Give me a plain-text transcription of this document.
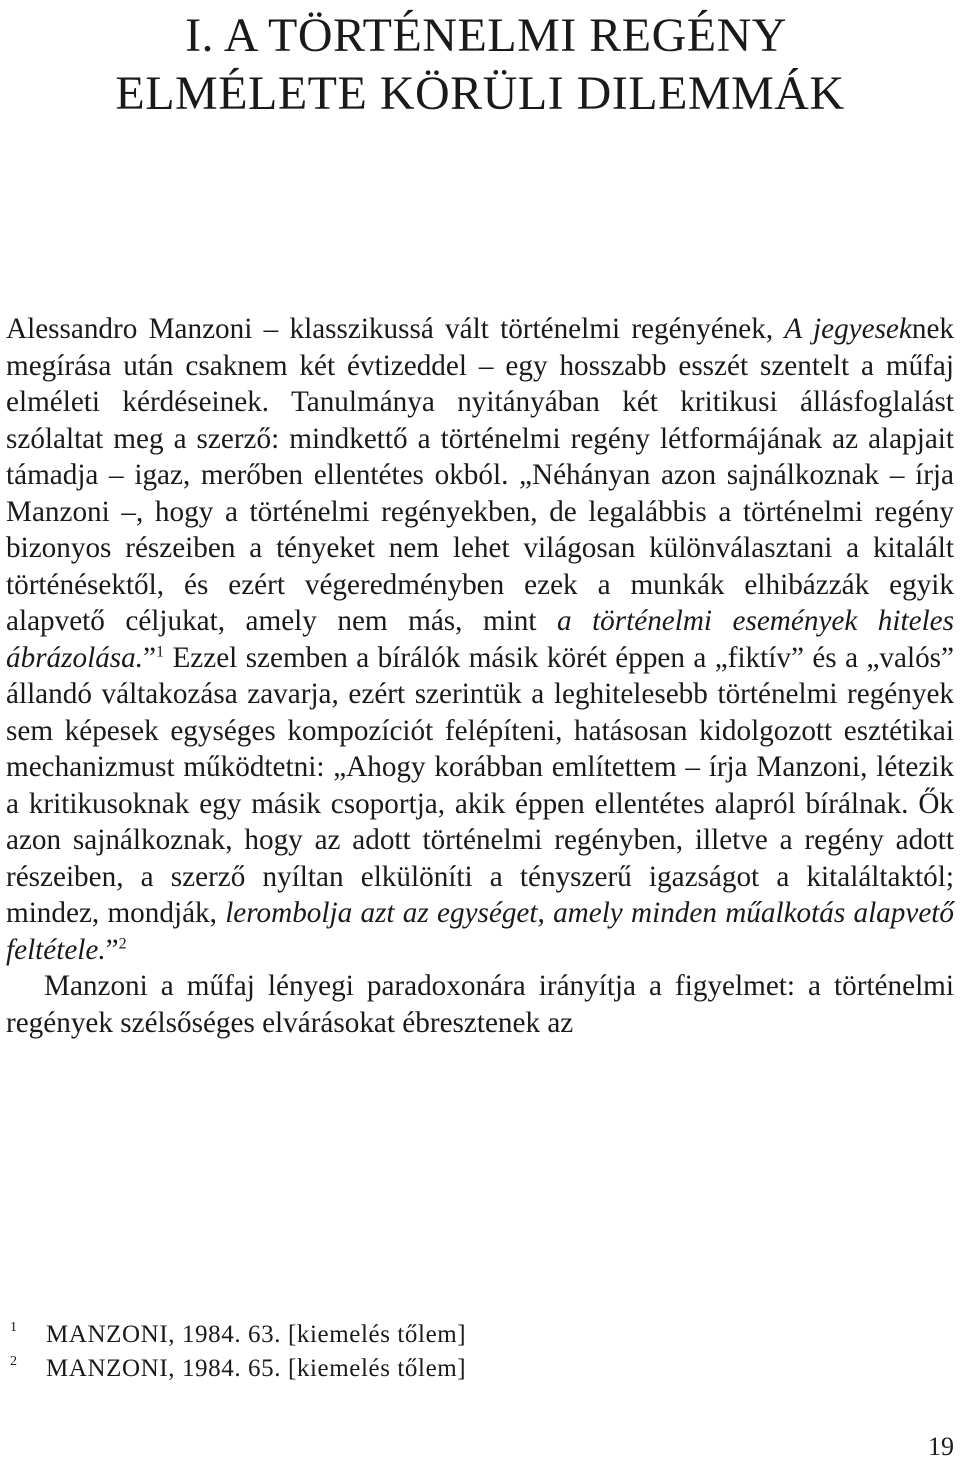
I. A TÖRTÉNELMI REGÉNY
ELMÉLETE KÖRÜLI DILEMMÁK

Alessandro Manzoni – klasszikussá vált történelmi regényének, A jegyeseknek megírása után csaknem két évtizeddel – egy hosszabb esszét szentelt a műfaj elméleti kérdéseinek. Tanulmánya nyitányában két kritikusi állásfoglalást szólaltat meg a szerző: mindkettő a történelmi regény létformájának az alapjait támadja – igaz, merőben ellentétes okból. „Néhányan azon sajnálkoznak – írja Manzoni –, hogy a történelmi regényekben, de legalábbis a történelmi regény bizonyos részeiben a tényeket nem lehet világosan különválasztani a kitalált történésektől, és ezért végeredményben ezek a munkák elhibázzák egyik alapvető céljukat, amely nem más, mint a történelmi események hiteles ábrázolása.”$^1$ Ezzel szemben a bírálók másik körét éppen a „fiktív” és a „valós” állandó váltakozása zavarja, ezért szerintük a leghitelesebb történelmi regények sem képesek egységes kompozíciót felépíteni, hatásosan kidolgozott esztétikai mechanizmust működtetni: „Ahogy korábban említettem – írja Manzoni, létezik a kritikusoknak egy másik csoportja, akik éppen ellentétes alapról bírálnak. Ők azon sajnálkoznak, hogy az adott történelmi regényben, illetve a regény adott részeiben, a szerző nyíltan elkülöníti a tényszerű igazságot a kitaláltaktól; mindez, mondják, lerombolja azt az egységet, amely minden műalkotás alapvető feltétele.”$^2$

Manzoni a műfaj lényegi paradoxonára irányítja a figyelmet: a történelmi regények szélsőséges elvárásokat ébresztenek az

1	MANZONI, 1984. 63. [kiemelés tőlem]
2	MANZONI, 1984. 65. [kiemelés tőlem]
19
